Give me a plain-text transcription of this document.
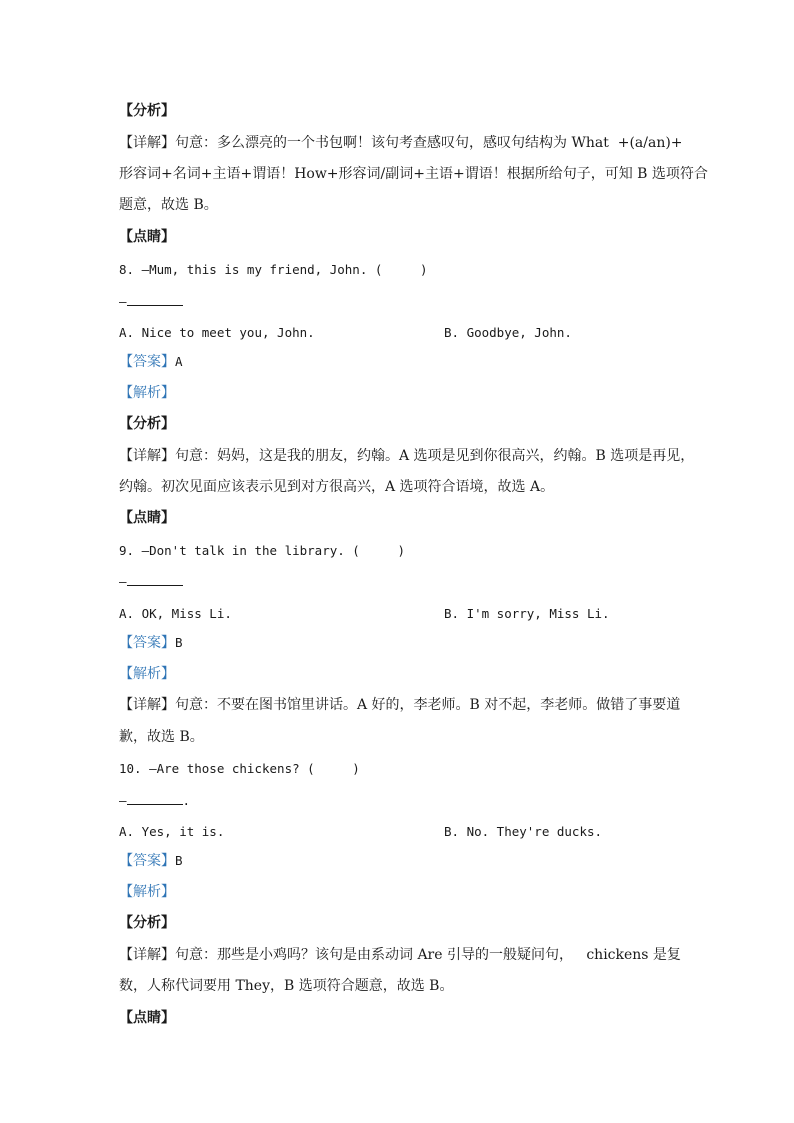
【分析】
【详解】句意：多么漂亮的一个书包啊！该句考查感叹句，感叹句结构为 What  +(a/an)+
形容词+名词+主语+谓语！How+形容词/副词+主语+谓语！根据所给句子，可知 B 选项符合
题意，故选 B。
【点睛】
8. —Mum, this is my friend, John. (     )
—
A. Nice to meet you, John.	B. Goodbye, John.
【答案】A
【解析】
【分析】
【详解】句意：妈妈，这是我的朋友，约翰。A 选项是见到你很高兴，约翰。B 选项是再见，
约翰。初次见面应该表示见到对方很高兴，A 选项符合语境，故选 A。
【点睛】
9. —Don't talk in the library. (     )
—
A. OK, Miss Li.	B. I'm sorry, Miss Li.
【答案】B
【解析】
【详解】句意：不要在图书馆里讲话。A 好的，李老师。B 对不起，李老师。做错了事要道
歉，故选 B。
10. —Are those chickens? (     )
—	.
A. Yes, it is.	B. No. They're ducks.
【答案】B
【解析】
【分析】
【详解】句意：那些是小鸡吗？该句是由系动词 Are 引导的一般疑问句，   chickens 是复
数，人称代词要用 They，B 选项符合题意，故选 B。
【点睛】
